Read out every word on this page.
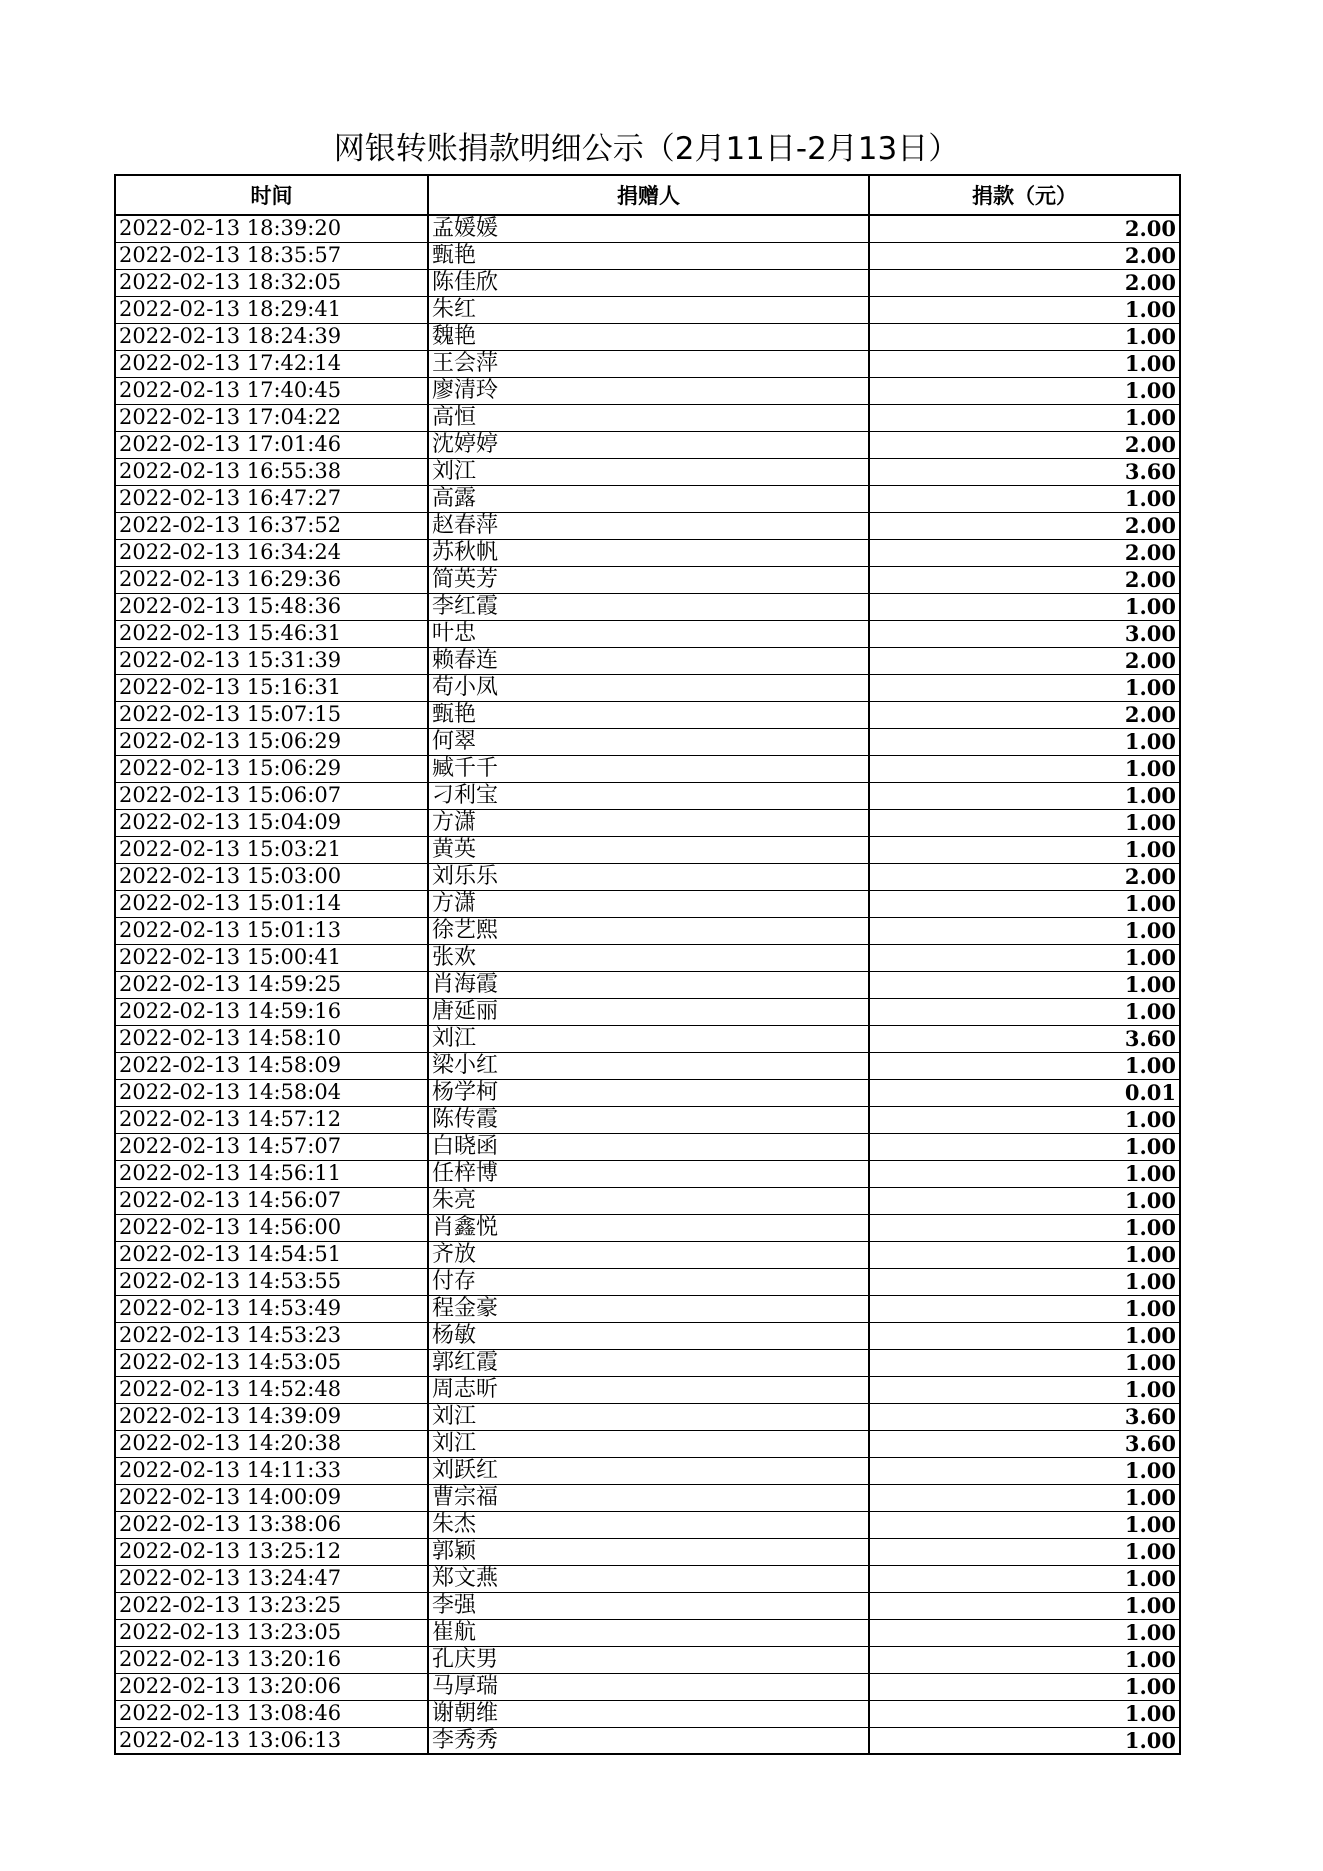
网银转账捐款明细公示（2月11日-2月13日）
时间	捐赠人	捐款（元）
2022-02-13 18:39:20	孟媛媛	2.00
2022-02-13 18:35:57	甄艳	2.00
2022-02-13 18:32:05	陈佳欣	2.00
2022-02-13 18:29:41	朱红	1.00
2022-02-13 18:24:39	魏艳	1.00
2022-02-13 17:42:14	王会萍	1.00
2022-02-13 17:40:45	廖清玲	1.00
2022-02-13 17:04:22	高恒	1.00
2022-02-13 17:01:46	沈婷婷	2.00
2022-02-13 16:55:38	刘江	3.60
2022-02-13 16:47:27	高露	1.00
2022-02-13 16:37:52	赵春萍	2.00
2022-02-13 16:34:24	苏秋帆	2.00
2022-02-13 16:29:36	简英芳	2.00
2022-02-13 15:48:36	李红霞	1.00
2022-02-13 15:46:31	叶忠	3.00
2022-02-13 15:31:39	赖春连	2.00
2022-02-13 15:16:31	苟小凤	1.00
2022-02-13 15:07:15	甄艳	2.00
2022-02-13 15:06:29	何翠	1.00
2022-02-13 15:06:29	臧千千	1.00
2022-02-13 15:06:07	刁利宝	1.00
2022-02-13 15:04:09	方潇	1.00
2022-02-13 15:03:21	黄英	1.00
2022-02-13 15:03:00	刘乐乐	2.00
2022-02-13 15:01:14	方潇	1.00
2022-02-13 15:01:13	徐艺熙	1.00
2022-02-13 15:00:41	张欢	1.00
2022-02-13 14:59:25	肖海霞	1.00
2022-02-13 14:59:16	唐延丽	1.00
2022-02-13 14:58:10	刘江	3.60
2022-02-13 14:58:09	梁小红	1.00
2022-02-13 14:58:04	杨学柯	0.01
2022-02-13 14:57:12	陈传霞	1.00
2022-02-13 14:57:07	白晓函	1.00
2022-02-13 14:56:11	任梓博	1.00
2022-02-13 14:56:07	朱亮	1.00
2022-02-13 14:56:00	肖鑫悦	1.00
2022-02-13 14:54:51	齐放	1.00
2022-02-13 14:53:55	付存	1.00
2022-02-13 14:53:49	程金豪	1.00
2022-02-13 14:53:23	杨敏	1.00
2022-02-13 14:53:05	郭红霞	1.00
2022-02-13 14:52:48	周志昕	1.00
2022-02-13 14:39:09	刘江	3.60
2022-02-13 14:20:38	刘江	3.60
2022-02-13 14:11:33	刘跃红	1.00
2022-02-13 14:00:09	曹宗福	1.00
2022-02-13 13:38:06	朱杰	1.00
2022-02-13 13:25:12	郭颖	1.00
2022-02-13 13:24:47	郑文燕	1.00
2022-02-13 13:23:25	李强	1.00
2022-02-13 13:23:05	崔航	1.00
2022-02-13 13:20:16	孔庆男	1.00
2022-02-13 13:20:06	马厚瑞	1.00
2022-02-13 13:08:46	谢朝维	1.00
2022-02-13 13:06:13	李秀秀	1.00
